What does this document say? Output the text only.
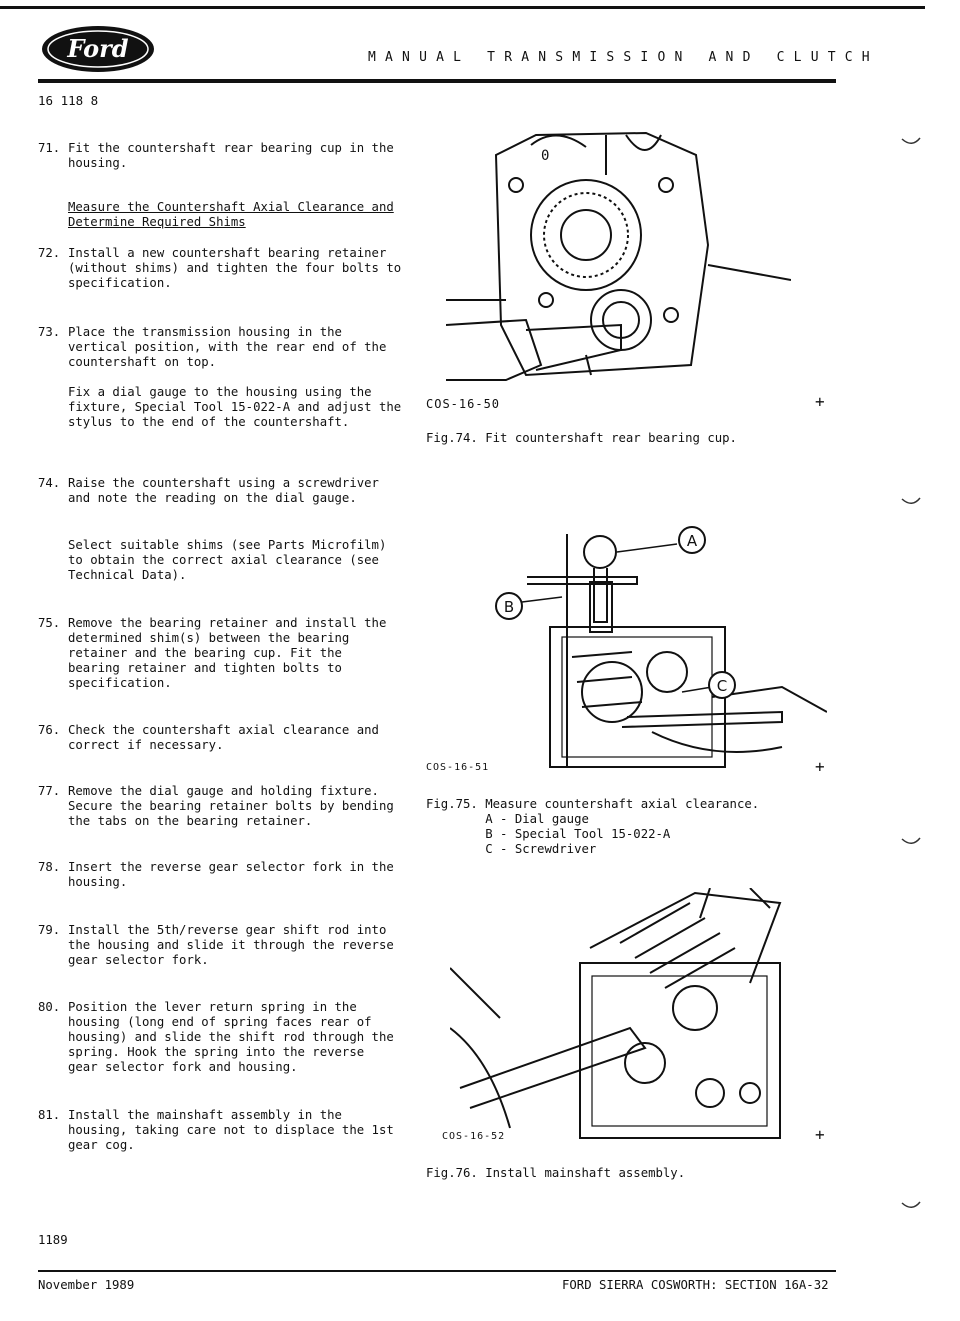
Ford	MANUAL TRANSMISSION AND CLUTCH
16 118 8
71. Fit the countershaft rear bearing cup in the
housing.
Measure the Countershaft Axial Clearance and
Determine Required Shims
72. Install a new countershaft bearing retainer
(without shims) and tighten the four bolts to
specification.
73. Place the transmission housing in the
vertical position, with the rear end of the
countershaft on top.
Fix a dial gauge to the housing using the
fixture, Special Tool 15-022-A and adjust the
stylus to the end of the countershaft.
74. Raise the countershaft using a screwdriver
and note the reading on the dial gauge.
Select suitable shims (see Parts Microfilm)
to obtain the correct axial clearance (see
Technical Data).
75. Remove the bearing retainer and install the
determined shim(s) between the bearing
retainer and the bearing cup. Fit the
bearing retainer and tighten bolts to
specification.
76. Check the countershaft axial clearance and
correct if necessary.
77. Remove the dial gauge and holding fixture.
Secure the bearing retainer bolts by bending
the tabs on the bearing retainer.
78. Insert the reverse gear selector fork in the
housing.
79. Install the 5th/reverse gear shift rod into
the housing and slide it through the reverse
gear selector fork.
80. Position the lever return spring in the
housing (long end of spring faces rear of
housing) and slide the shift rod through the
spring. Hook the spring into the reverse
gear selector fork and housing.
81. Install the mainshaft assembly in the
housing, taking care not to displace the 1st
gear cog.
0
COS-16-50	+
Fig.74. Fit countershaft rear bearing cup.
A
B
C
COS-16-51	+
Fig.75. Measure countershaft axial clearance.
A - Dial gauge
B - Special Tool 15-022-A
C - Screwdriver
COS-16-52	+
Fig.76. Install mainshaft assembly.
1189
November 1989	FORD SIERRA COSWORTH: SECTION 16A-32
